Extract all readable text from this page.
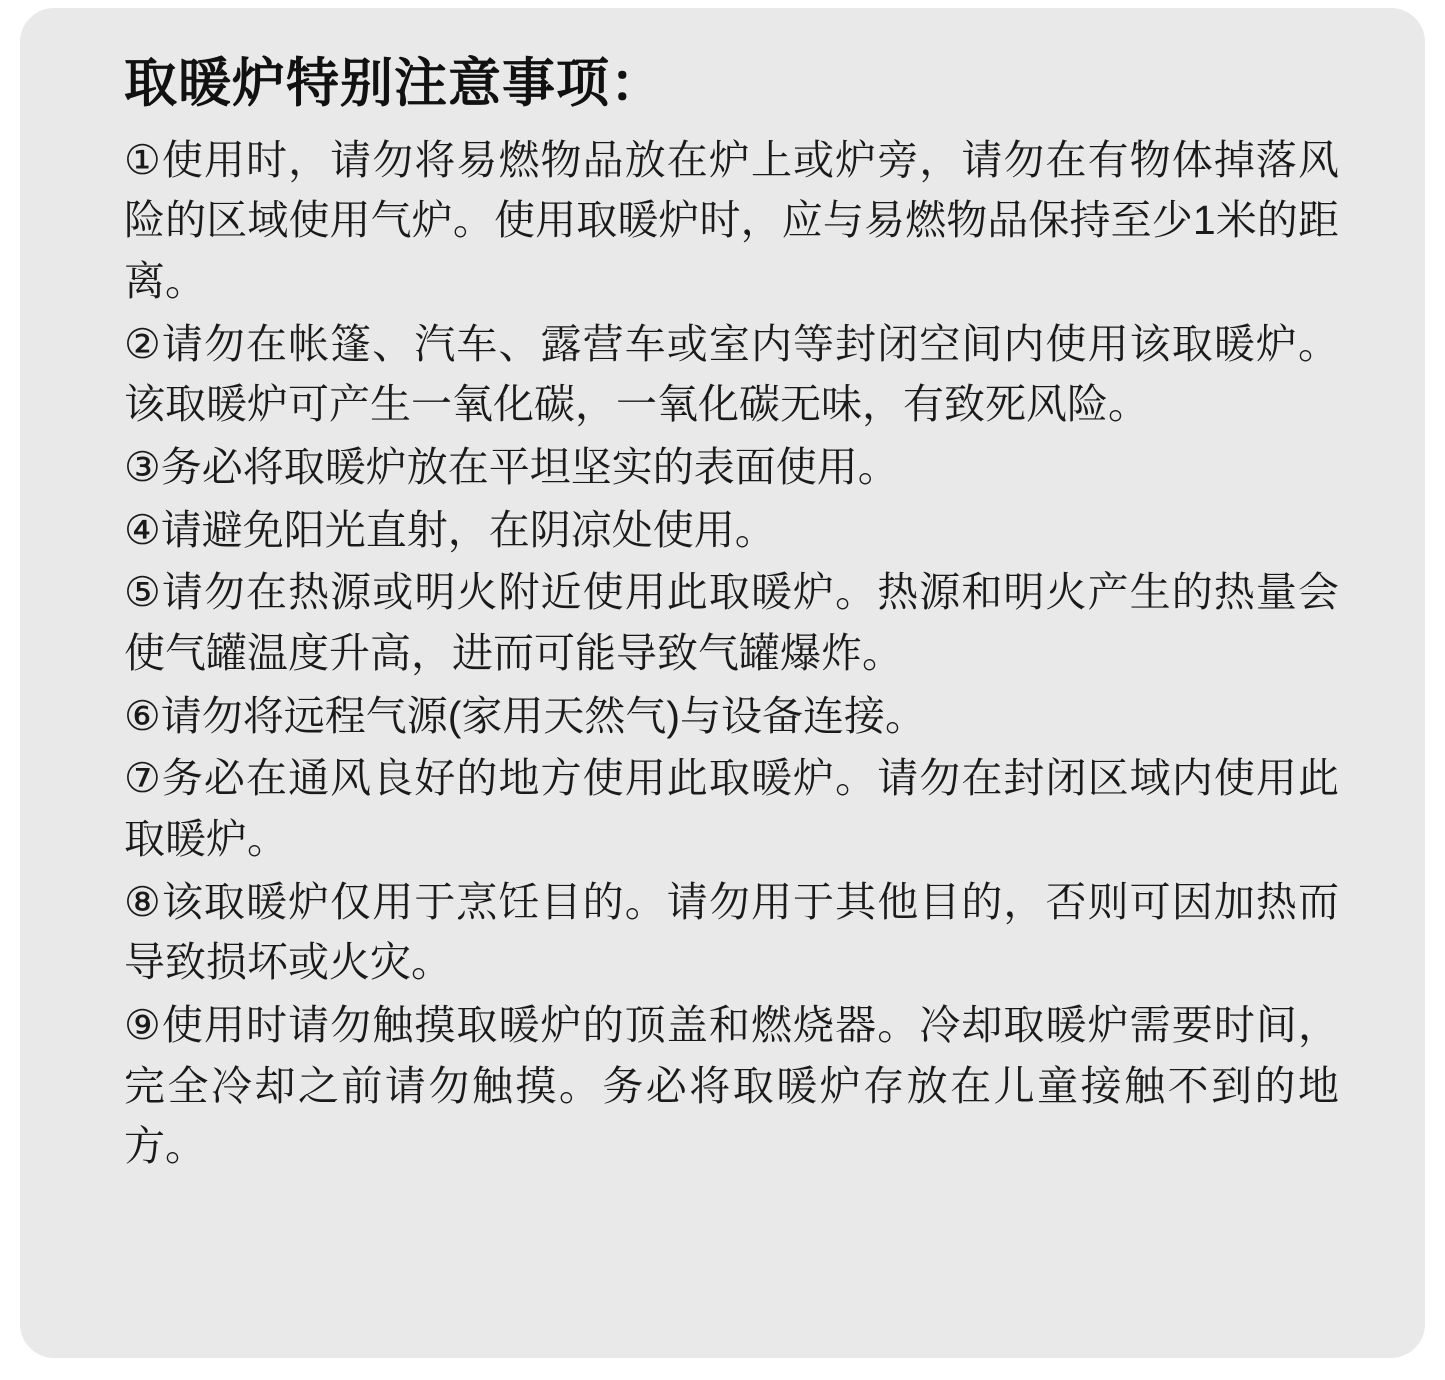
取暖炉特别注意事项：
①使用时，请勿将易燃物品放在炉上或炉旁，请勿在有物体掉落风险的区域使用气炉。使用取暖炉时，应与易燃物品保持至少1米的距离。
②请勿在帐篷、汽车、露营车或室内等封闭空间内使用该取暖炉。该取暖炉可产生一氧化碳，一氧化碳无味，有致死风险。
③务必将取暖炉放在平坦坚实的表面使用。
④请避免阳光直射，在阴凉处使用。
⑤请勿在热源或明火附近使用此取暖炉。热源和明火产生的热量会使气罐温度升高，进而可能导致气罐爆炸。
⑥请勿将远程气源(家用天然气)与设备连接。
⑦务必在通风良好的地方使用此取暖炉。请勿在封闭区域内使用此取暖炉。
⑧该取暖炉仅用于烹饪目的。请勿用于其他目的，否则可因加热而导致损坏或火灾。
⑨使用时请勿触摸取暖炉的顶盖和燃烧器。冷却取暖炉需要时间，完全冷却之前请勿触摸。务必将取暖炉存放在儿童接触不到的地方。
